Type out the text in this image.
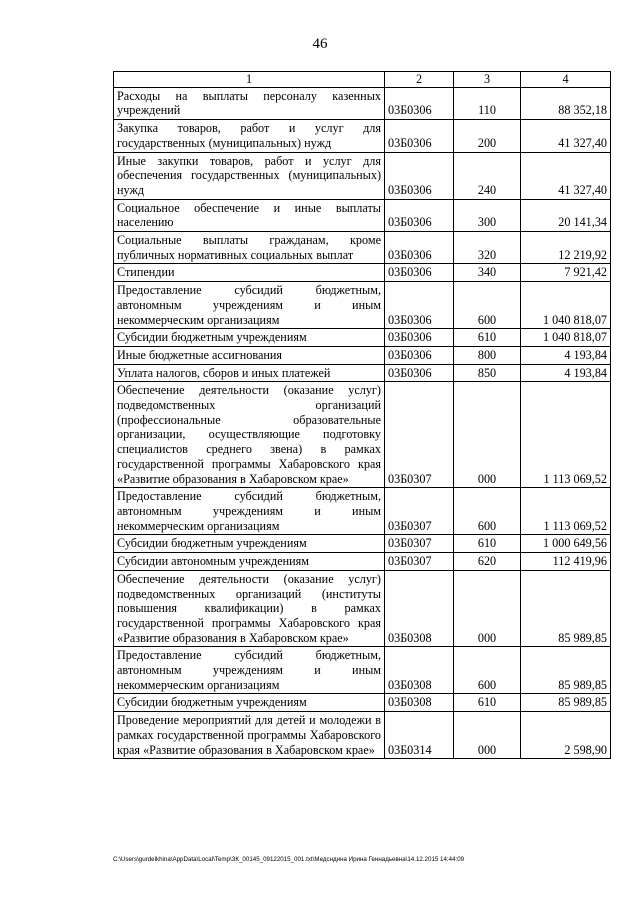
46
1	2	3	4
Расходы на выплаты персоналу казенных учреждений	03Б0306	110	88 352,18
Закупка товаров, работ и услуг для государственных (муниципальных) нужд	03Б0306	200	41 327,40
Иные закупки товаров, работ и услуг для обеспечения государственных (муниципальных) нужд	03Б0306	240	41 327,40
Социальное обеспечение и иные выплаты населению	03Б0306	300	20 141,34
Социальные выплаты гражданам, кроме публичных нормативных социальных выплат	03Б0306	320	12 219,92
Стипендии	03Б0306	340	7 921,42
Предоставление субсидий бюджетным, автономным учреждениям и иным некоммерческим организациям	03Б0306	600	1 040 818,07
Субсидии бюджетным учреждениям	03Б0306	610	1 040 818,07
Иные бюджетные ассигнования	03Б0306	800	4 193,84
Уплата налогов, сборов и иных платежей	03Б0306	850	4 193,84
Обеспечение деятельности (оказание услуг) подведомственных организаций (профессиональные образовательные организации, осуществляющие подготовку специалистов среднего звена) в рамках государственной программы Хабаровского края «Развитие образования в Хабаровском крае»	03Б0307	000	1 113 069,52
Предоставление субсидий бюджетным, автономным учреждениям и иным некоммерческим организациям	03Б0307	600	1 113 069,52
Субсидии бюджетным учреждениям	03Б0307	610	1 000 649,56
Субсидии автономным учреждениям	03Б0307	620	112 419,96
Обеспечение деятельности (оказание услуг) подведомственных организаций (институты повышения квалификации) в рамках государственной программы Хабаровского края «Развитие образования в Хабаровском крае»	03Б0308	000	85 989,85
Предоставление субсидий бюджетным, автономным учреждениям и иным некоммерческим организациям	03Б0308	600	85 989,85
Субсидии бюджетным учреждениям	03Б0308	610	85 989,85
Проведение мероприятий для детей и молодежи в рамках государственной программы Хабаровского края «Развитие образования в Хабаровском крае»	03Б0314	000	2 598,90
C:\Users\gurdelkhina\AppData\Local\Temp\ЗК_00145_09122015_001.txt\Медсндина Ирина Геннадьевна\14.12.2015 14:44:09
